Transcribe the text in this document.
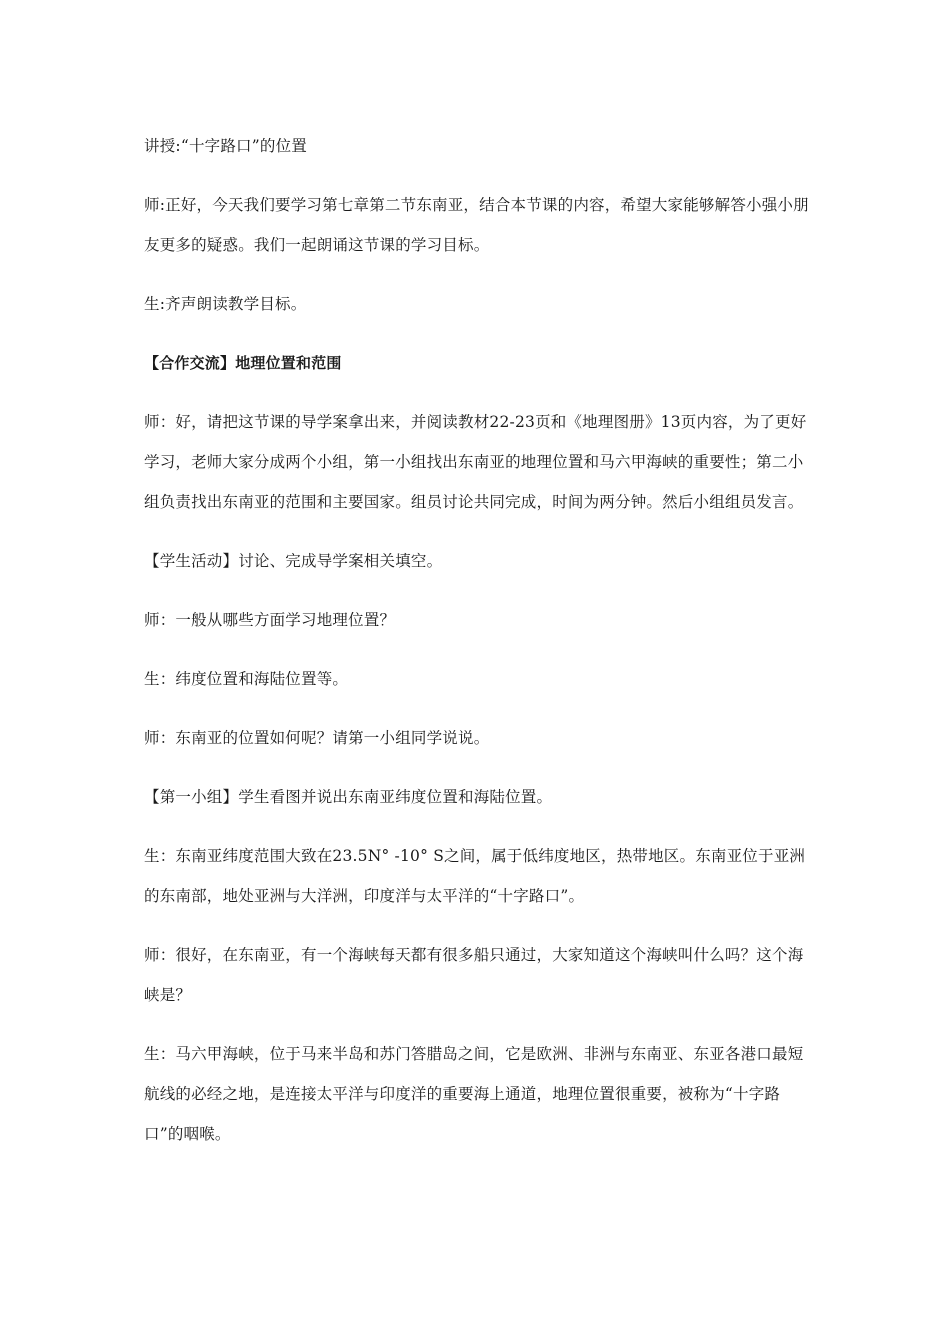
讲授:“十字路口”的位置

师:正好，今天我们要学习第七章第二节东南亚，结合本节课的内容，希望大家能够解答小强小朋友更多的疑惑。我们一起朗诵这节课的学习目标。

生:齐声朗读教学目标。

【合作交流】地理位置和范围

师：好，请把这节课的导学案拿出来，并阅读教材22-23页和《地理图册》13页内容，为了更好学习，老师大家分成两个小组，第一小组找出东南亚的地理位置和马六甲海峡的重要性；第二小组负责找出东南亚的范围和主要国家。组员讨论共同完成，时间为两分钟。然后小组组员发言。

【学生活动】讨论、完成导学案相关填空。

师：一般从哪些方面学习地理位置？

生：纬度位置和海陆位置等。

师：东南亚的位置如何呢？请第一小组同学说说。

【第一小组】学生看图并说出东南亚纬度位置和海陆位置。

生：东南亚纬度范围大致在23.5N° -10° S之间，属于低纬度地区，热带地区。东南亚位于亚洲的东南部，地处亚洲与大洋洲，印度洋与太平洋的“十字路口”。

师：很好，在东南亚，有一个海峡每天都有很多船只通过，大家知道这个海峡叫什么吗？这个海峡是？

生：马六甲海峡，位于马来半岛和苏门答腊岛之间，它是欧洲、非洲与东南亚、东亚各港口最短航线的必经之地，是连接太平洋与印度洋的重要海上通道，地理位置很重要，被称为“十字路口”的咽喉。
